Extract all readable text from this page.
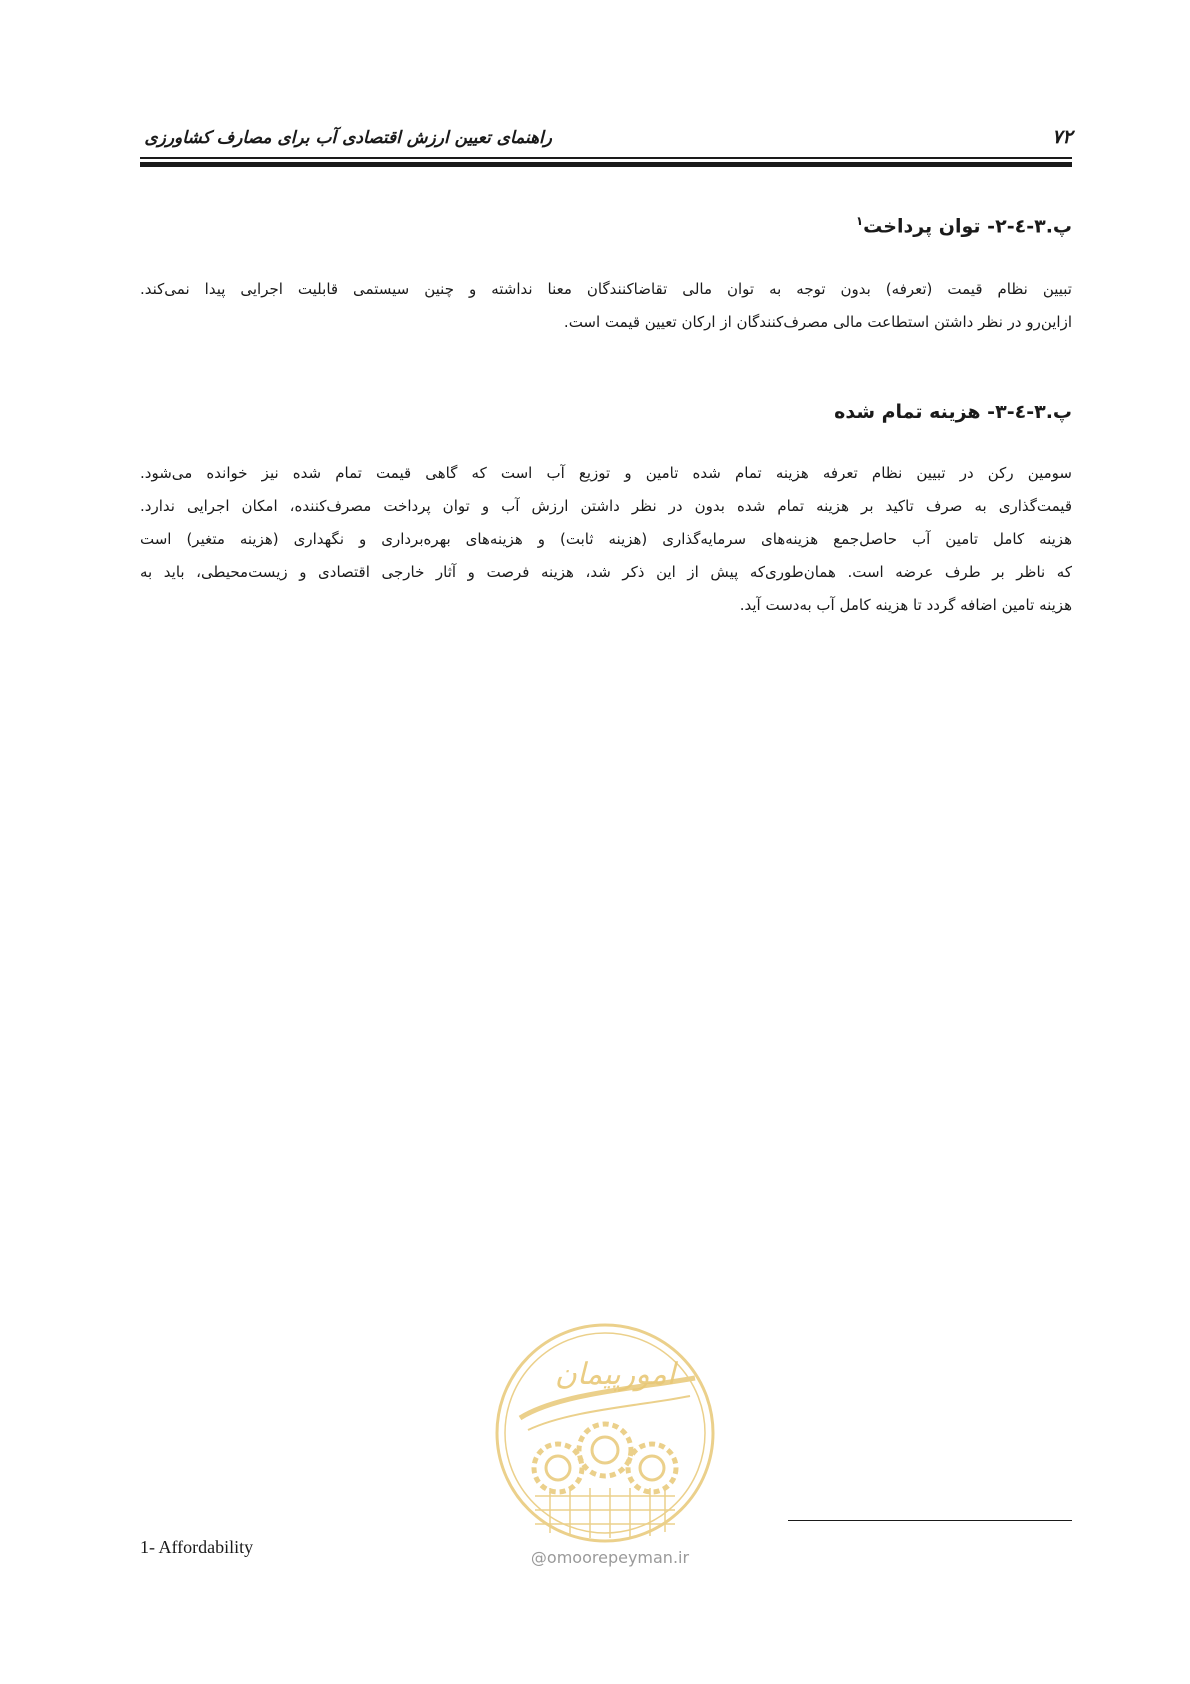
راهنمای تعیین ارزش اقتصادی آب برای مصارف کشاورزی	۷۲
پ.۳-٤-۲- توان پرداخت$^۱$
تبیین نظام قیمت (تعرفه) بدون توجه به توان مالی تقاضاکنندگان معنا نداشته و چنین سیستمی قابلیت اجرایی پیدا نمی‌کند.
ازاین‌رو در نظر داشتن استطاعت مالی مصرف‌کنندگان از ارکان تعیین قیمت است.
پ.۳-٤-۳- هزینه تمام شده
سومین رکن در تبیین نظام تعرفه هزینه تمام شده تامین و توزیع آب است که گاهی قیمت تمام شده نیز خوانده می‌شود.
قیمت‌گذاری به صرف تاکید بر هزینه تمام شده بدون در نظر داشتن ارزش آب و توان پرداخت مصرف‌کننده، امکان اجرایی ندارد.
هزینه کامل تامین آب حاصل‌جمع هزینه‌های سرمایه‌گذاری (هزینه ثابت) و هزینه‌های بهره‌برداری و نگهداری (هزینه متغیر) است
که ناظر بر طرف عرضه است. همان‌طوری‌که پیش از این ذکر شد، هزینه فرصت و آثار خارجی اقتصادی و زیست‌محیطی، باید به
هزینه تامین اضافه گردد تا هزینه کامل آب به‌دست آید.
امورپیمان
@omoorepeyman.ir
1- Affordability
